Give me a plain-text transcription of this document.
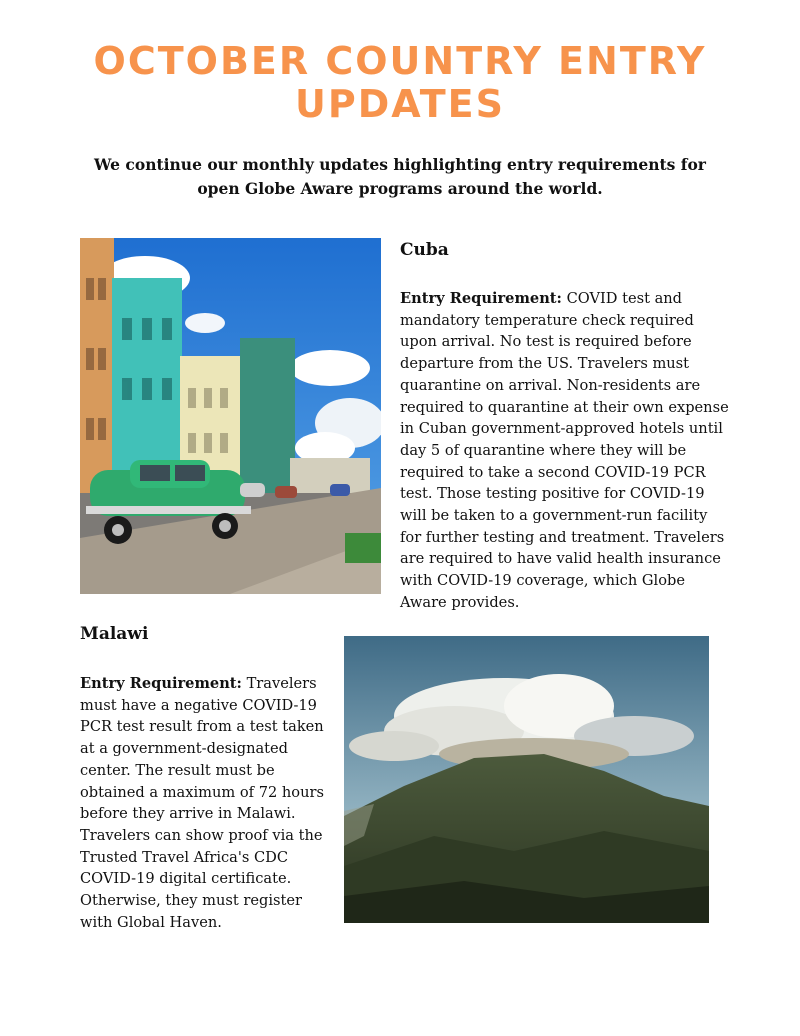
OCTOBER COUNTRY ENTRY UPDATES
We continue our monthly updates highlighting entry requirements for open Globe Aware programs around the world.
Cuba

Entry Requirement: COVID test and mandatory temperature check required upon arrival. No test is required before departure from the US. Travelers must quarantine on arrival. Non-residents are required to quarantine at their own expense in Cuban government-approved hotels until day 5 of quarantine where they will be required to take a second COVID-19 PCR test. Those testing positive for COVID-19 will be taken to a government-run facility for further testing and treatment. Travelers are required to have valid health insurance with COVID-19 coverage, which Globe Aware provides.

Malawi

Entry Requirement: Travelers must have a negative COVID-19 PCR test result from a test taken at a government-designated center. The result must be obtained a maximum of 72 hours before they arrive in Malawi. Travelers can show proof via the Trusted Travel Africa's CDC COVID-19 digital certificate. Otherwise, they must register with Global Haven.
